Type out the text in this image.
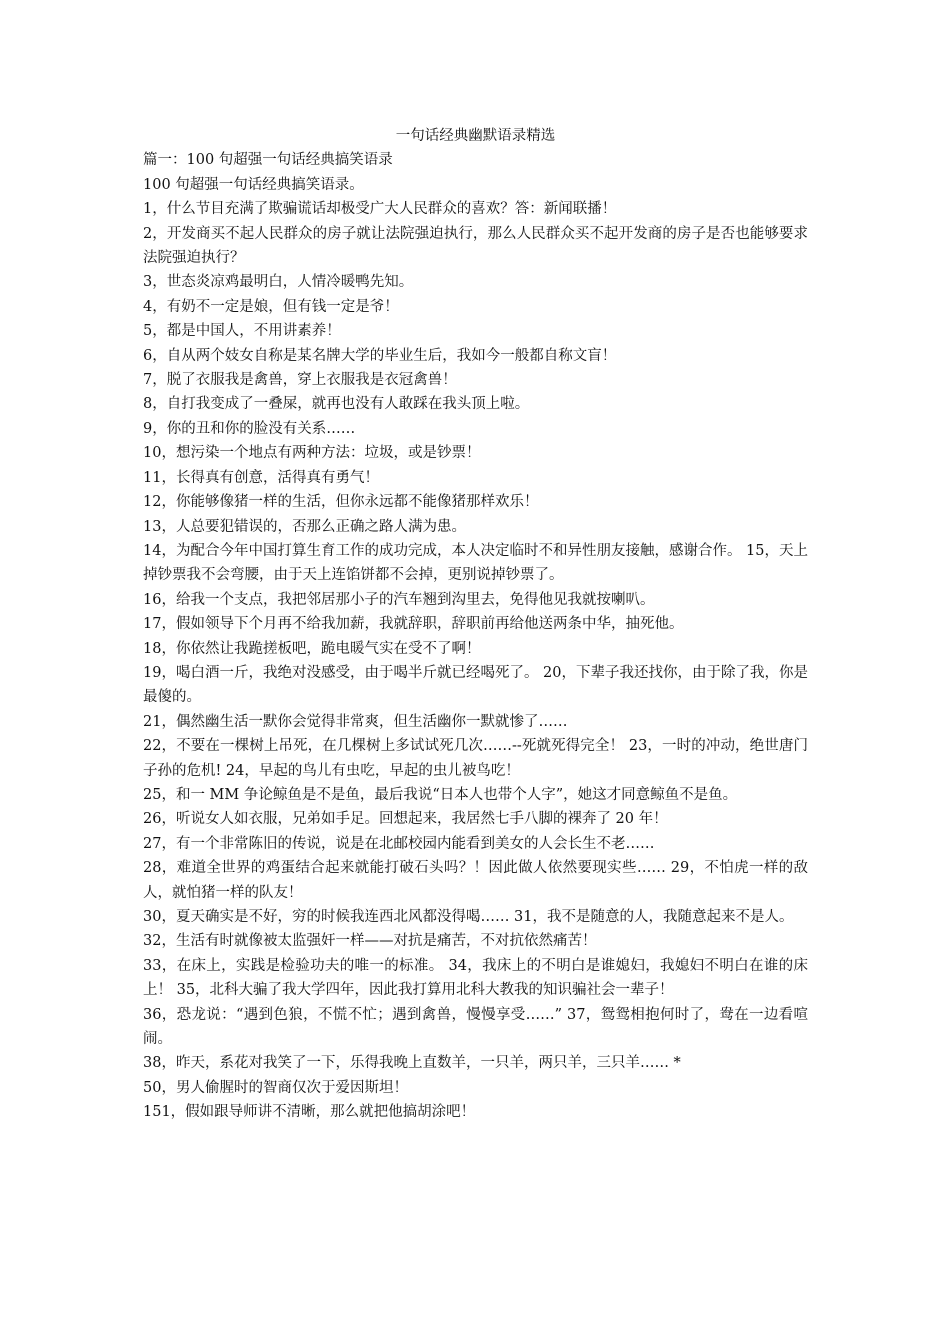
一句话经典幽默语录精选

篇一：100 句超强一句话经典搞笑语录

100 句超强一句话经典搞笑语录。

1，什么节目充满了欺骗谎话却极受广大人民群众的喜欢？答：新闻联播！

2，开发商买不起人民群众的房子就让法院强迫执行，那么人民群众买不起开发商的房子是否也能够要求法院强迫执行？

3，世态炎凉鸡最明白，人情冷暖鸭先知。

4，有奶不一定是娘，但有钱一定是爷！

5，都是中国人，不用讲素养！

6，自从两个妓女自称是某名牌大学的毕业生后，我如今一般都自称文盲！

7，脱了衣服我是禽兽，穿上衣服我是衣冠禽兽！

8，自打我变成了一叠屎，就再也没有人敢踩在我头顶上啦。

9，你的丑和你的脸没有关系……

10，想污染一个地点有两种方法：垃圾，或是钞票！

11，长得真有创意，活得真有勇气！

12，你能够像猪一样的生活，但你永远都不能像猪那样欢乐！

13，人总要犯错误的，否那么正确之路人满为患。

14，为配合今年中国打算生育工作的成功完成，本人决定临时不和异性朋友接触，感谢合作。 15，天上掉钞票我不会弯腰，由于天上连馅饼都不会掉，更别说掉钞票了。

16，给我一个支点，我把邻居那小子的汽车翘到沟里去，免得他见我就按喇叭。

17，假如领导下个月再不给我加薪，我就辞职，辞职前再给他送两条中华，抽死他。

18，你依然让我跪搓板吧，跪电暖气实在受不了啊！

19，喝白酒一斤，我绝对没感受，由于喝半斤就已经喝死了。 20，下辈子我还找你，由于除了我，你是最傻的。

21，偶然幽生活一默你会觉得非常爽，但生活幽你一默就惨了……

22，不要在一棵树上吊死，在几棵树上多试试死几次……--死就死得完全！ 23，一时的冲动，绝世唐门子孙的危机! 24，早起的鸟儿有虫吃，早起的虫儿被鸟吃！

25，和一 MM 争论鲸鱼是不是鱼，最后我说“日本人也带个人字”，她这才同意鲸鱼不是鱼。

26，听说女人如衣服，兄弟如手足。回想起来，我居然七手八脚的裸奔了 20 年！

27，有一个非常陈旧的传说，说是在北邮校园内能看到美女的人会长生不老……

28，难道全世界的鸡蛋结合起来就能打破石头吗？！因此做人依然要现实些…… 29，不怕虎一样的敌人，就怕猪一样的队友！

30，夏天确实是不好，穷的时候我连西北风都没得喝…… 31，我不是随意的人，我随意起来不是人。

32，生活有时就像被太监强奸一样——对抗是痛苦，不对抗依然痛苦！

33，在床上，实践是检验功夫的唯一的标准。 34，我床上的不明白是谁媳妇，我媳妇不明白在谁的床上！ 35，北科大骗了我大学四年，因此我打算用北科大教我的知识骗社会一辈子！

36，恐龙说：“遇到色狼，不慌不忙；遇到禽兽，慢慢享受……” 37，鸳鸳相抱何时了，鸯在一边看喧闹。

38，昨天，系花对我笑了一下，乐得我晚上直数羊，一只羊，两只羊，三只羊…… *

50，男人偷腥时的智商仅次于爱因斯坦！

151，假如跟导师讲不清晰，那么就把他搞胡涂吧！
